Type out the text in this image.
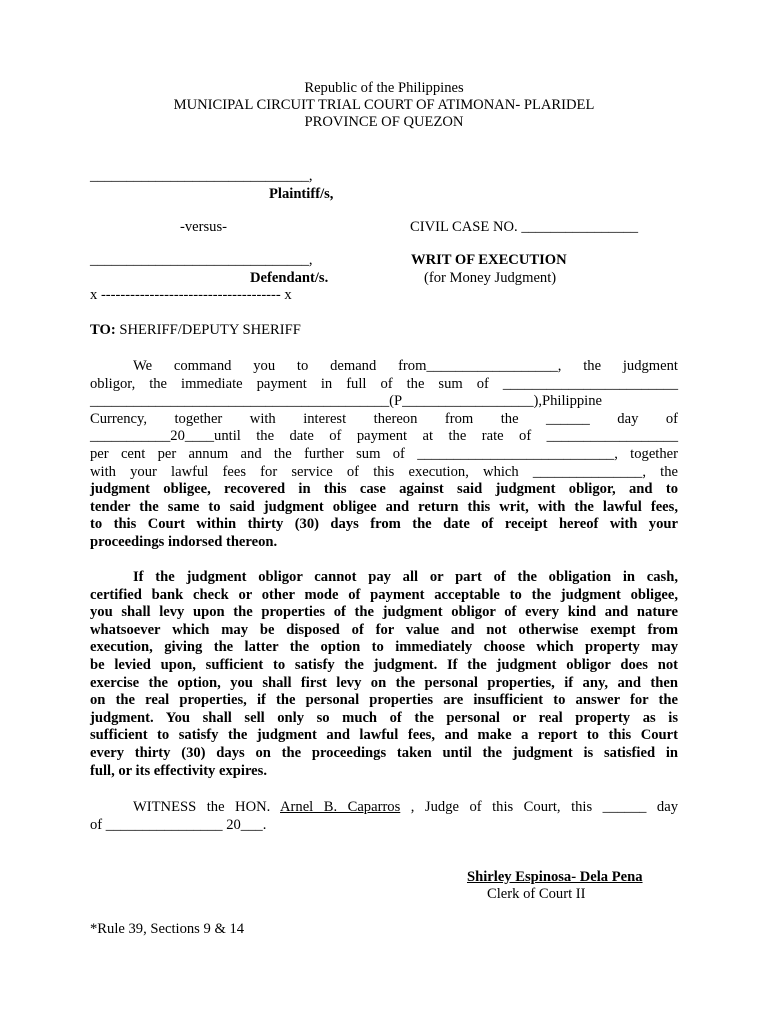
Republic of the Philippines
MUNICIPAL CIRCUIT TRIAL COURT OF ATIMONAN- PLARIDEL
PROVINCE OF QUEZON
______________________________,
Plaintiff/s,
-versus-	CIVIL CASE NO. ________________
______________________________,	WRIT OF EXECUTION
Defendant/s.	(for Money Judgment)
x ------------------------------------- x
TO: SHERIFF/DEPUTY SHERIFF
We command you to demand from__________________, the judgment
obligor, the immediate payment in full of the sum of ________________________
_________________________________________(P__________________),Philippine
Currency, together with interest thereon from the ______ day of
___________20____until the date of payment at the rate of __________________
per cent per annum and the further sum of ___________________________, together
with your lawful fees for service of this execution, which _______________, the
judgment obligee, recovered in this case against said judgment obligor, and to
tender the same to said judgment obligee and return this writ, with the lawful fees,
to this Court within thirty (30) days from the date of receipt hereof with your
proceedings indorsed thereon.
If the judgment obligor cannot pay all or part of the obligation in cash,
certified bank check or other mode of payment acceptable to the judgment obligee,
you shall levy upon the properties of the judgment obligor of every kind and nature
whatsoever which may be disposed of for value and not otherwise exempt from
execution, giving the latter the option to immediately choose which property may
be levied upon, sufficient to satisfy the judgment. If the judgment obligor does not
exercise the option, you shall first levy on the personal properties, if any, and then
on the real properties, if the personal properties are insufficient to answer for the
judgment. You shall sell only so much of the personal or real property as is
sufficient to satisfy the judgment and lawful fees, and make a report to this Court
every thirty (30) days on the proceedings taken until the judgment is satisfied in
full, or its effectivity expires.
WITNESS the HON. Arnel B. Caparros , Judge of this Court, this ______ day
of ________________ 20___.
Shirley Espinosa- Dela Pena
Clerk of Court II
*Rule 39, Sections 9 & 14
